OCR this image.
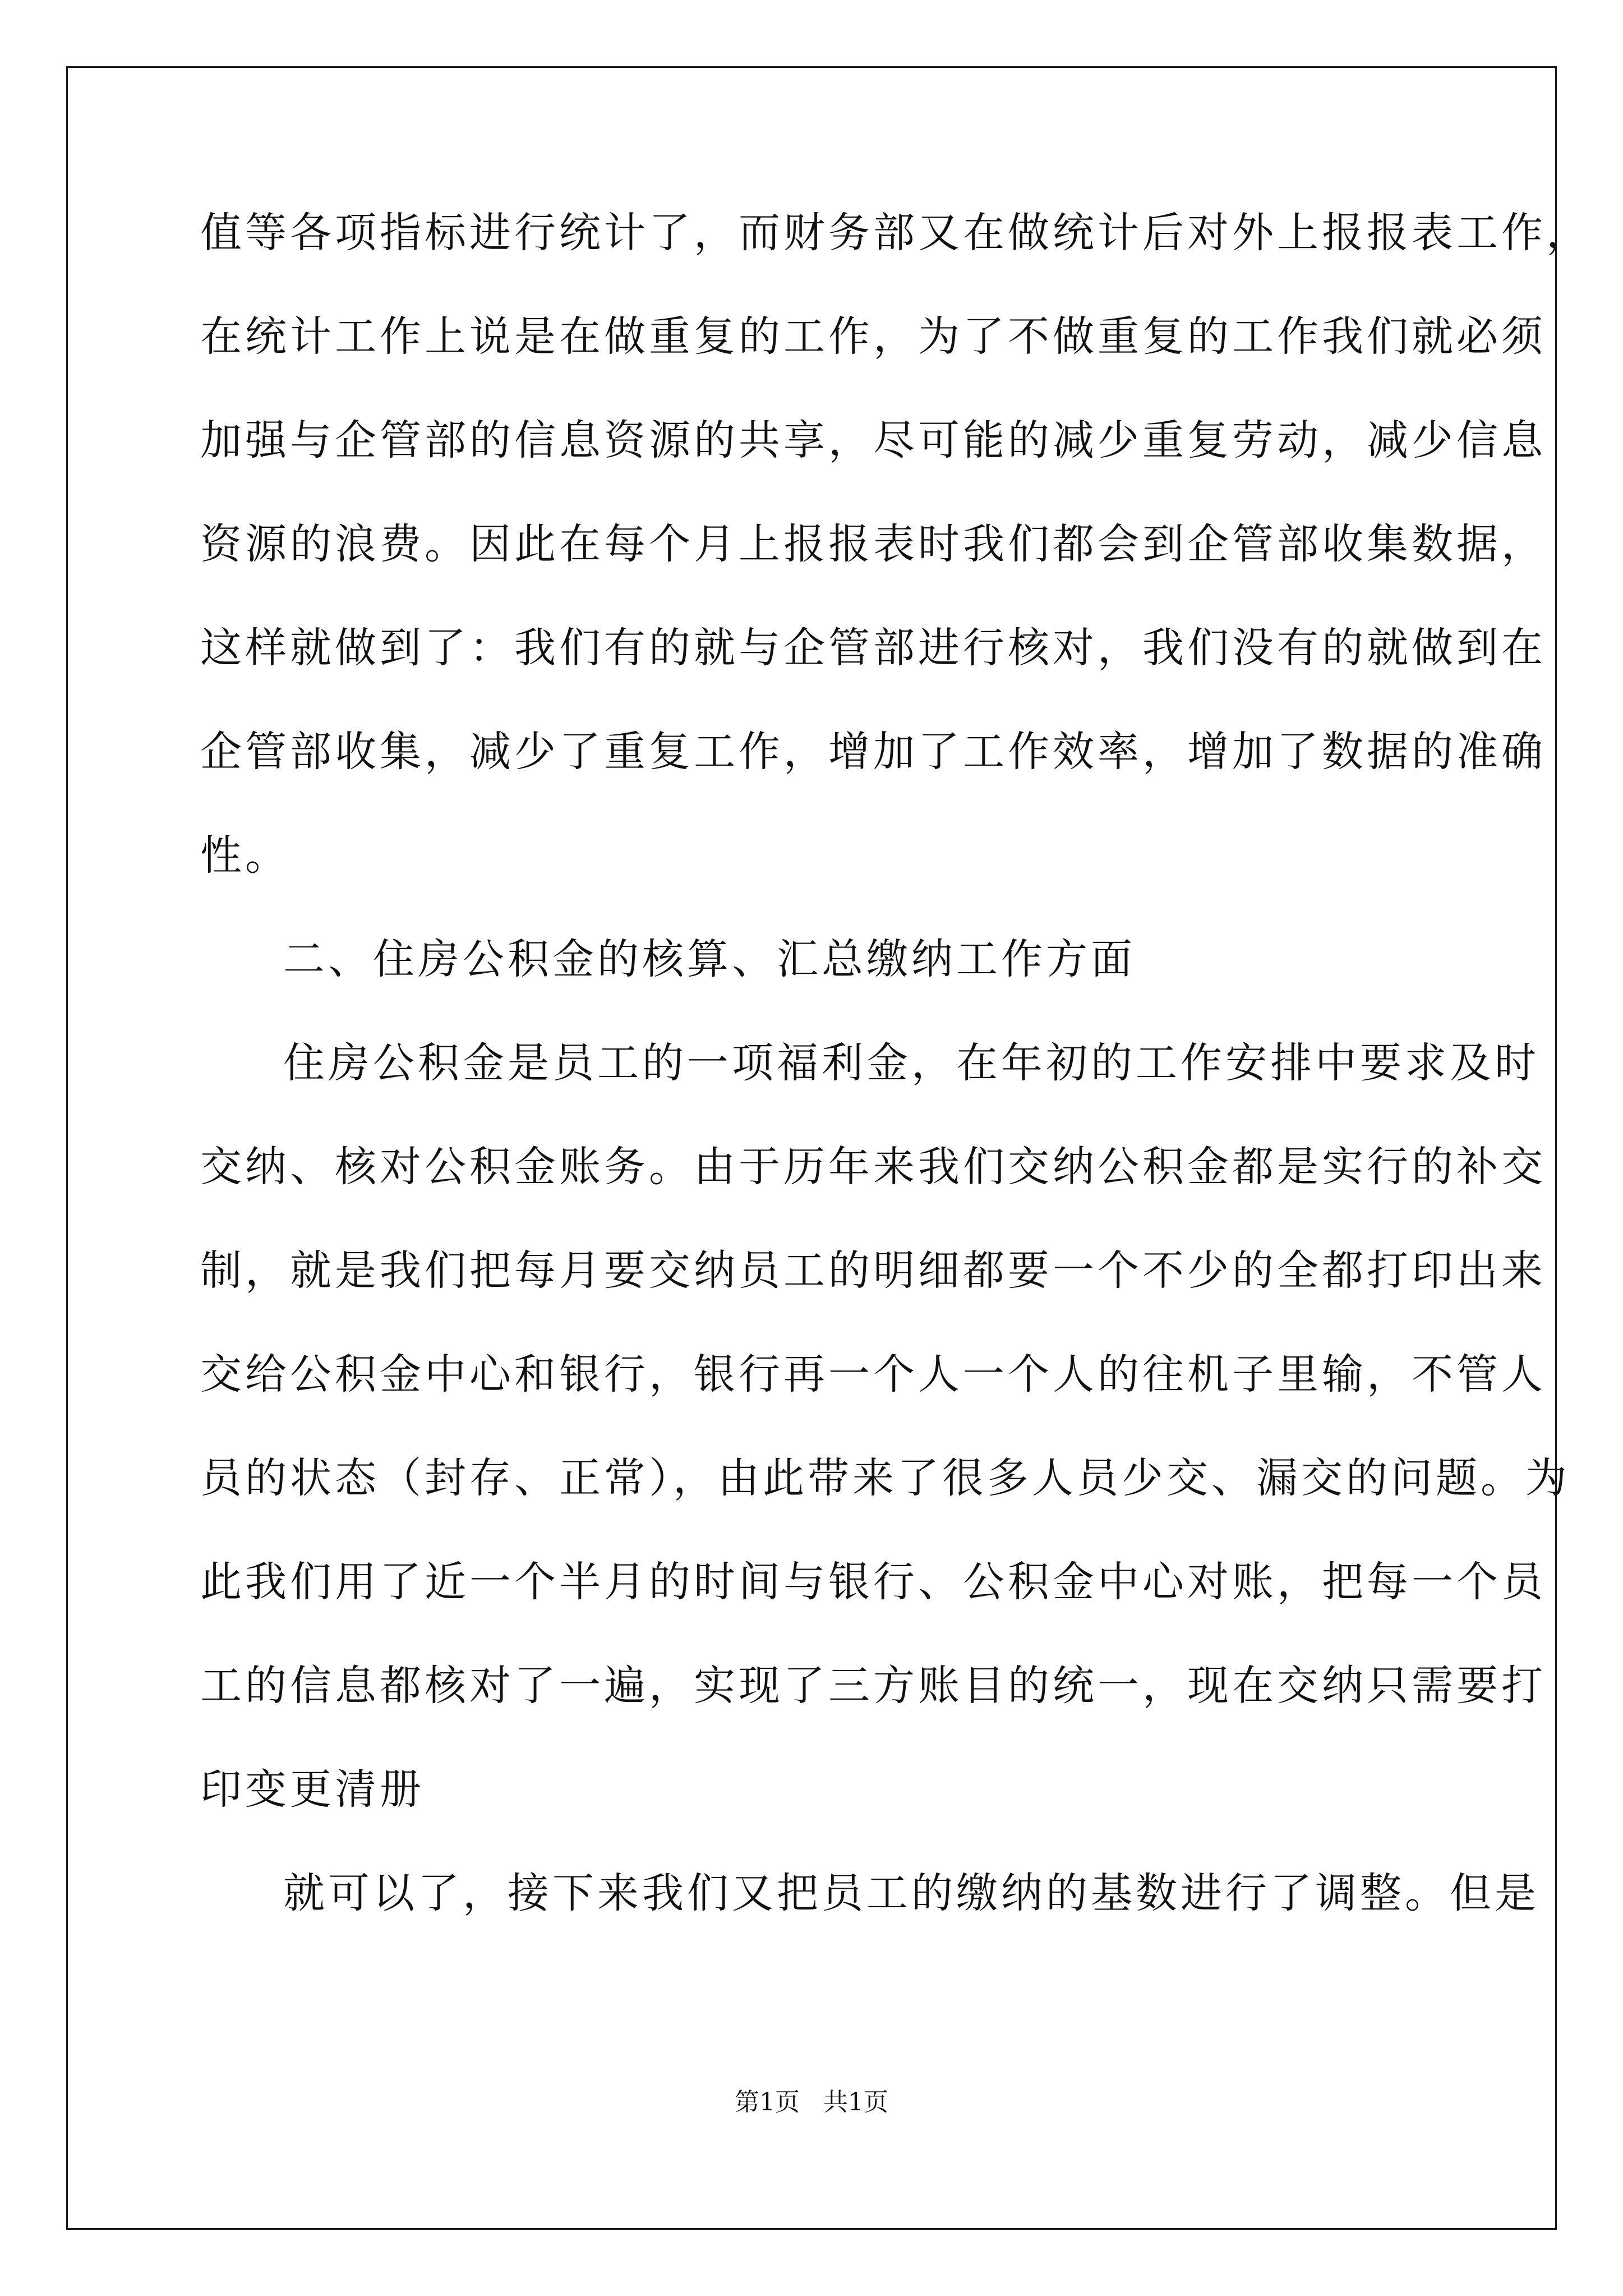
值等各项指标进行统计了，而财务部又在做统计后对外上报报表工作，
在统计工作上说是在做重复的工作，为了不做重复的工作我们就必须
加强与企管部的信息资源的共享，尽可能的减少重复劳动，减少信息
资源的浪费。因此在每个月上报报表时我们都会到企管部收集数据，
这样就做到了：我们有的就与企管部进行核对，我们没有的就做到在
企管部收集，减少了重复工作，增加了工作效率，增加了数据的准确
性。
二、住房公积金的核算、汇总缴纳工作方面
住房公积金是员工的一项福利金，在年初的工作安排中要求及时
交纳、核对公积金账务。由于历年来我们交纳公积金都是实行的补交
制，就是我们把每月要交纳员工的明细都要一个不少的全都打印出来
交给公积金中心和银行，银行再一个人一个人的往机子里输，不管人
员的状态（封存、正常），由此带来了很多人员少交、漏交的问题。为
此我们用了近一个半月的时间与银行、公积金中心对账，把每一个员
工的信息都核对了一遍，实现了三方账目的统一，现在交纳只需要打
印变更清册
就可以了，接下来我们又把员工的缴纳的基数进行了调整。但是
第1页   共1页
